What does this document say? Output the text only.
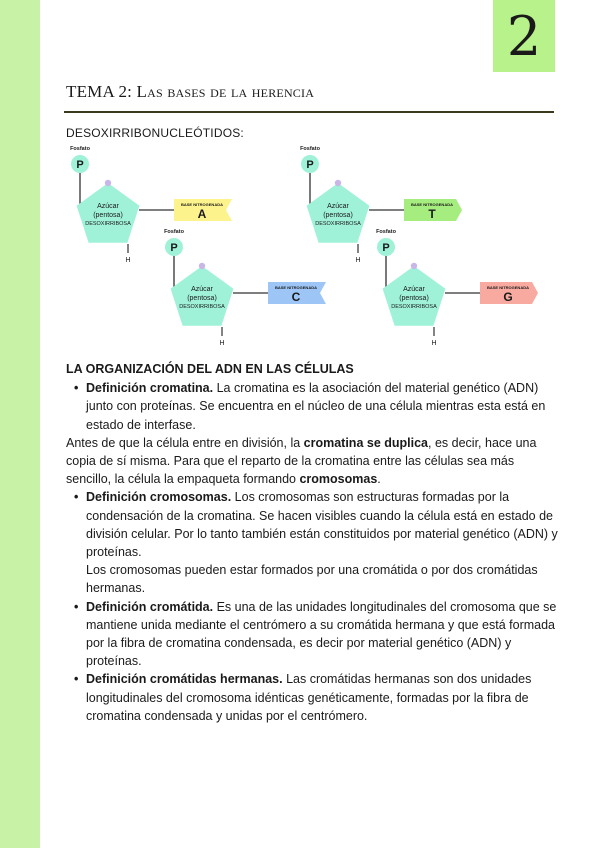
2
TEMA 2: Las bases de la herencia
DESOXIRRIBONUCLEÓTIDOS:
P
Fosfato
Azúcar
(pentosa)
DESOXIRRIBOSA
H
BASE NITROGENADA
A
P
Fosfato
Azúcar
(pentosa)
DESOXIRRIBOSA
H
BASE NITROGENADA
T
P
Fosfato
Azúcar
(pentosa)
DESOXIRRIBOSA
H
BASE NITROGENADA
C
P
Fosfato
Azúcar
(pentosa)
DESOXIRRIBOSA
H
BASE NITROGENADA
G
LA ORGANIZACIÓN DEL ADN EN LAS CÉLULAS
• Definición cromatina. La cromatina es la asociación del material genético (ADN) junto con proteínas. Se encuentra en el núcleo de una célula mientras esta está en estado de interfase.

Antes de que la célula entre en división, la cromatina se duplica, es decir, hace una copia de sí misma. Para que el reparto de la cromatina entre las células sea más sencillo, la célula la empaqueta formando cromosomas.

• Definición cromosomas. Los cromosomas son estructuras formadas por la condensación de la cromatina. Se hacen visibles cuando la célula está en estado de división celular. Por lo tanto también están constituidos por material genético (ADN) y proteínas.
Los cromosomas pueden estar formados por una cromátida o por dos cromátidas hermanas.
• Definición cromátida. Es una de las unidades longitudinales del cromosoma que se mantiene unida mediante el centrómero a su cromátida hermana y que está formada por la fibra de cromatina condensada, es decir por material genético (ADN) y proteínas.
• Definición cromátidas hermanas. Las cromátidas hermanas son dos unidades longitudinales del cromosoma idénticas genéticamente, formadas por la fibra de cromatina condensada y unidas por el centrómero.
